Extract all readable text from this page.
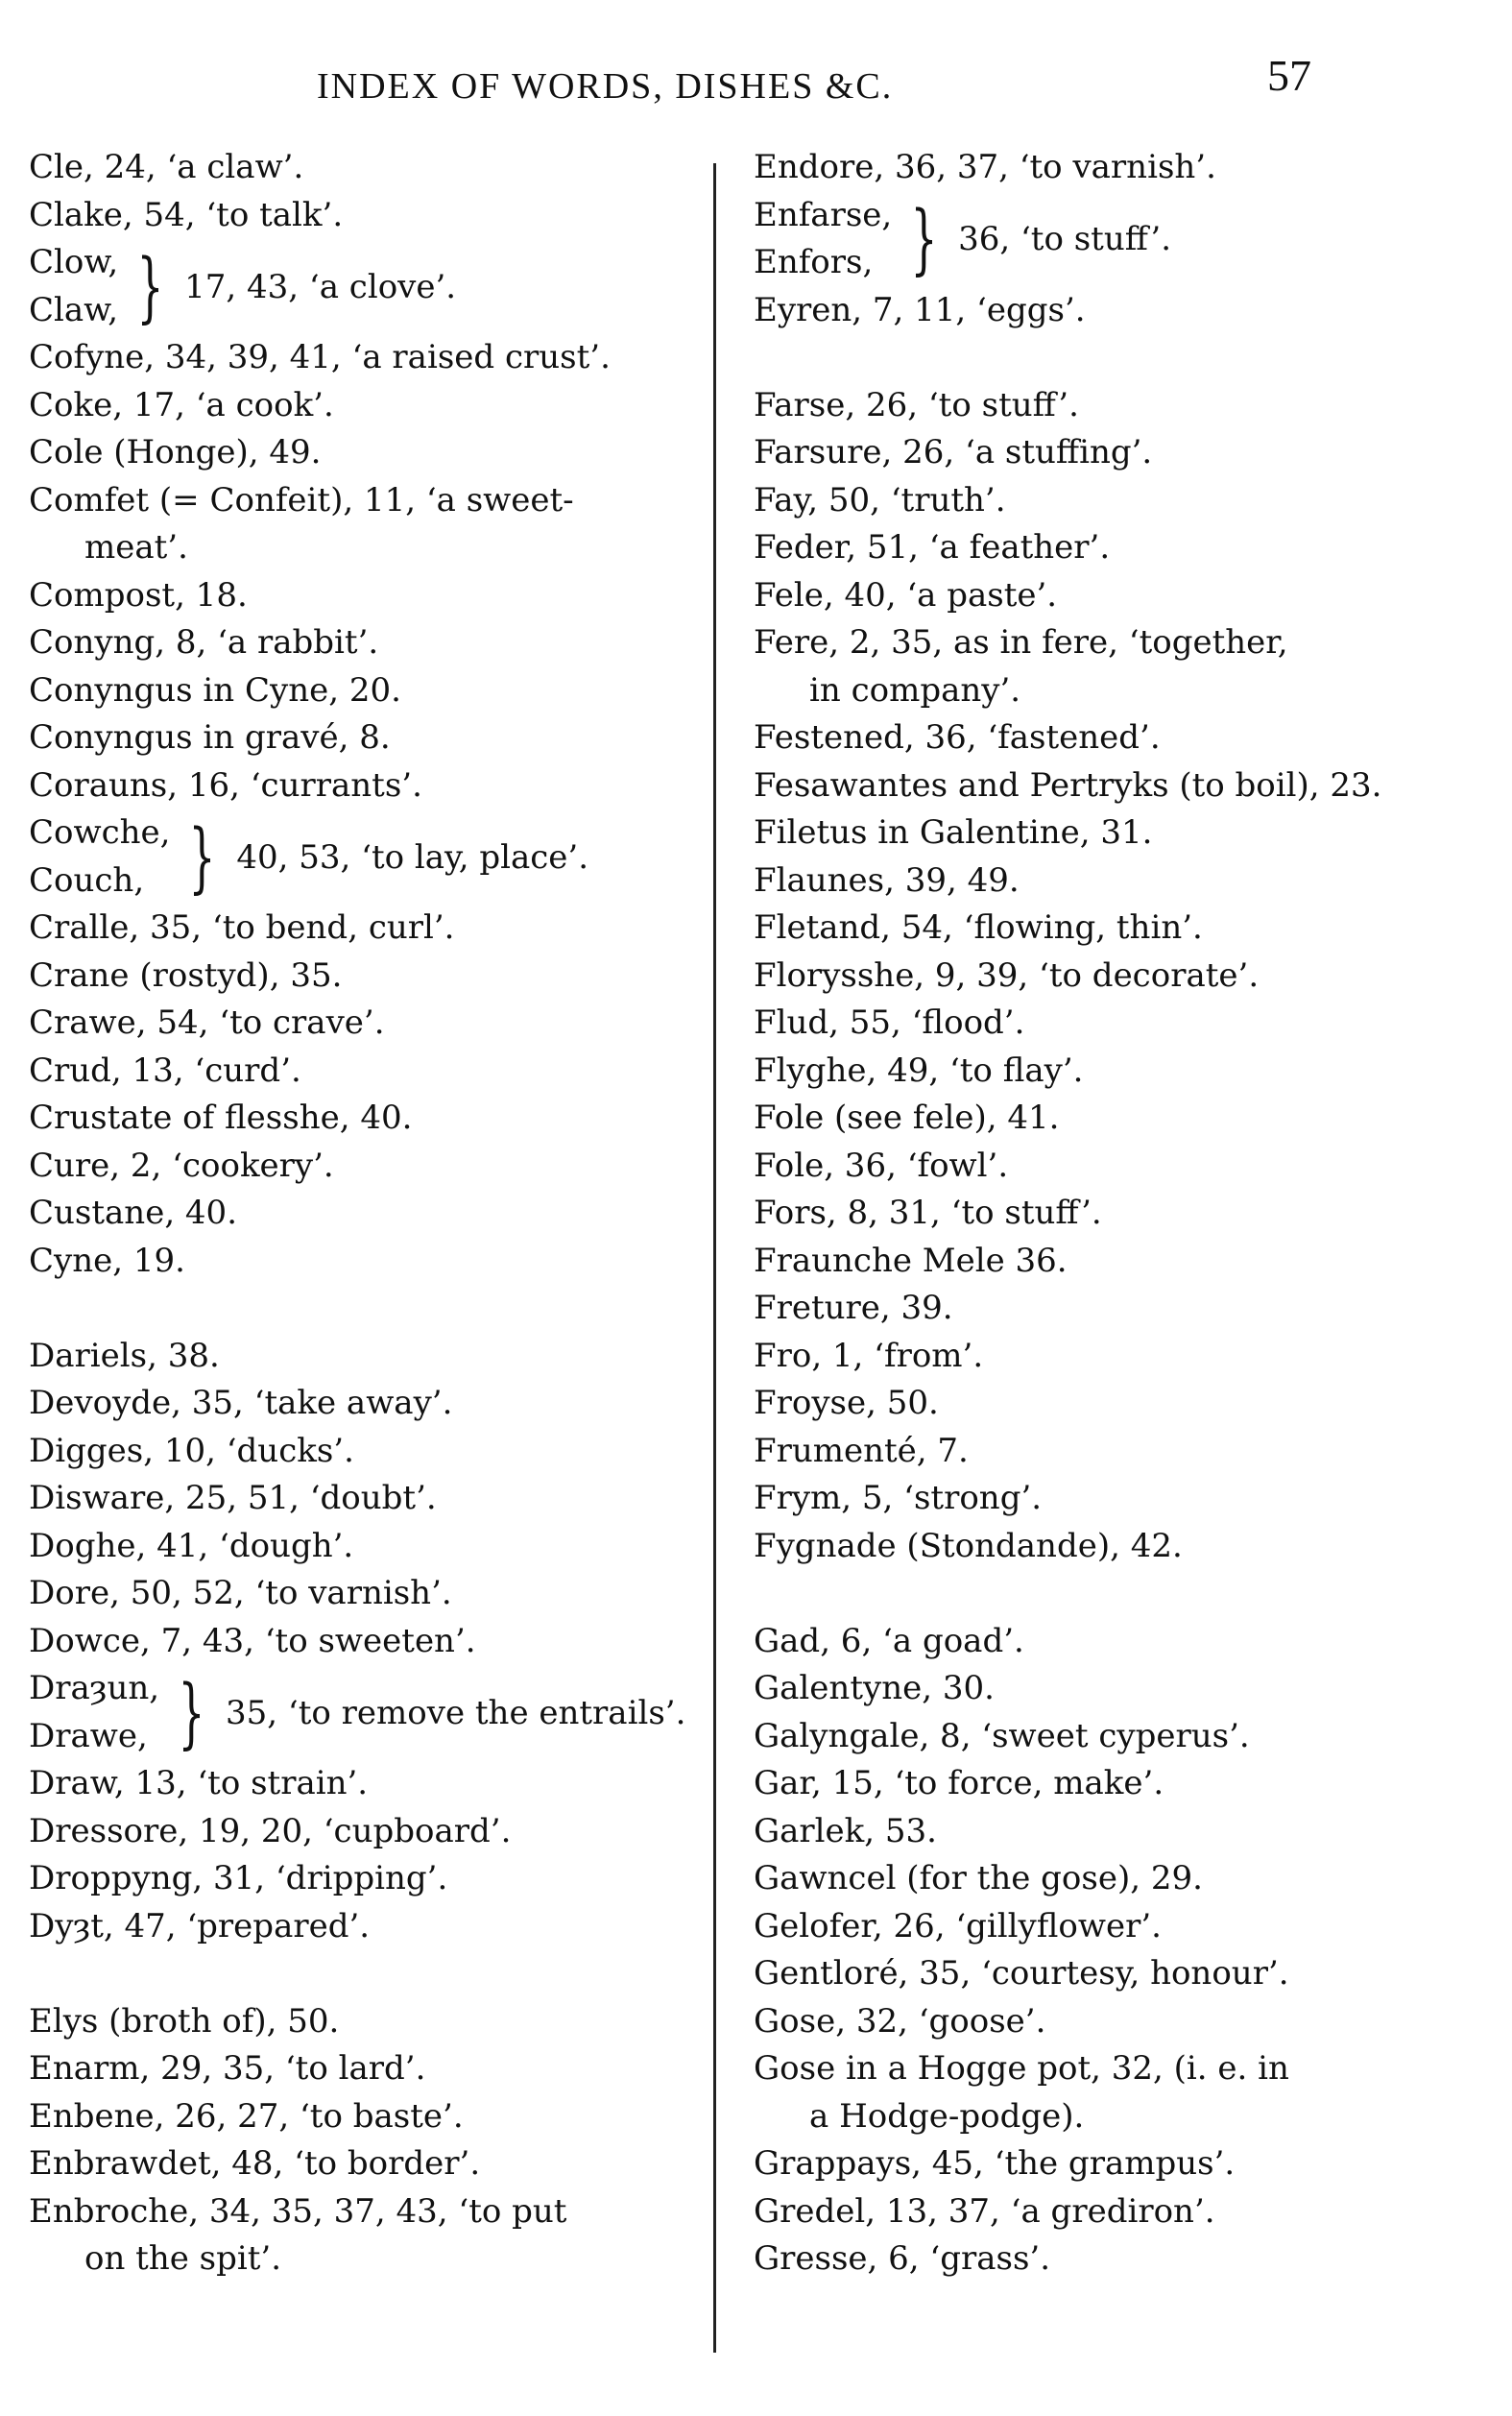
INDEX OF WORDS, DISHES &C.	57
Cle, 24, ‘a claw’.
Clake, 54, ‘to talk’.
Clow,
Claw, } 17, 43, ‘a clove’.
Cofyne, 34, 39, 41, ‘a raised crust’.
Coke, 17, ‘a cook’.
Cole (Honge), 49.
Comfet (= Confeit), 11, ‘a sweet-
meat’.
Compost, 18.
Conyng, 8, ‘a rabbit’.
Conyngus in Cyne, 20.
Conyngus in gravé, 8.
Corauns, 16, ‘currants’.
Cowche,
Couch, } 40, 53, ‘to lay, place’.
Cralle, 35, ‘to bend, curl’.
Crane (rostyd), 35.
Crawe, 54, ‘to crave’.
Crud, 13, ‘curd’.
Crustate of flesshe, 40.
Cure, 2, ‘cookery’.
Custane, 40.
Cyne, 19.
Dariels, 38.
Devoyde, 35, ‘take away’.
Digges, 10, ‘ducks’.
Disware, 25, 51, ‘doubt’.
Doghe, 41, ‘dough’.
Dore, 50, 52, ‘to varnish’.
Dowce, 7, 43, ‘to sweeten’.
Draȝun,
Drawe, } 35, ‘to remove the entrails’.
Draw, 13, ‘to strain’.
Dressore, 19, 20, ‘cupboard’.
Droppyng, 31, ‘dripping’.
Dyȝt, 47, ‘prepared’.
Elys (broth of), 50.
Enarm, 29, 35, ‘to lard’.
Enbene, 26, 27, ‘to baste’.
Enbrawdet, 48, ‘to border’.
Enbroche, 34, 35, 37, 43, ‘to put
on the spit’.
Endore, 36, 37, ‘to varnish’.
Enfarse,
Enfors, } 36, ‘to stuff’.
Eyren, 7, 11, ‘eggs’.
Farse, 26, ‘to stuff’.
Farsure, 26, ‘a stuffing’.
Fay, 50, ‘truth’.
Feder, 51, ‘a feather’.
Fele, 40, ‘a paste’.
Fere, 2, 35, as in fere, ‘together,
in company’.
Festened, 36, ‘fastened’.
Fesawantes and Pertryks (to boil), 23.
Filetus in Galentine, 31.
Flaunes, 39, 49.
Fletand, 54, ‘flowing, thin’.
Florysshe, 9, 39, ‘to decorate’.
Flud, 55, ‘flood’.
Flyghe, 49, ‘to flay’.
Fole (see fele), 41.
Fole, 36, ‘fowl’.
Fors, 8, 31, ‘to stuff’.
Fraunche Mele 36.
Freture, 39.
Fro, 1, ‘from’.
Froyse, 50.
Frumenté, 7.
Frym, 5, ‘strong’.
Fygnade (Stondande), 42.
Gad, 6, ‘a goad’.
Galentyne, 30.
Galyngale, 8, ‘sweet cyperus’.
Gar, 15, ‘to force, make’.
Garlek, 53.
Gawncel (for the gose), 29.
Gelofer, 26, ‘gillyflower’.
Gentloré, 35, ‘courtesy, honour’.
Gose, 32, ‘goose’.
Gose in a Hogge pot, 32, (i. e. in
a Hodge-podge).
Grappays, 45, ‘the grampus’.
Gredel, 13, 37, ‘a grediron’.
Gresse, 6, ‘grass’.
